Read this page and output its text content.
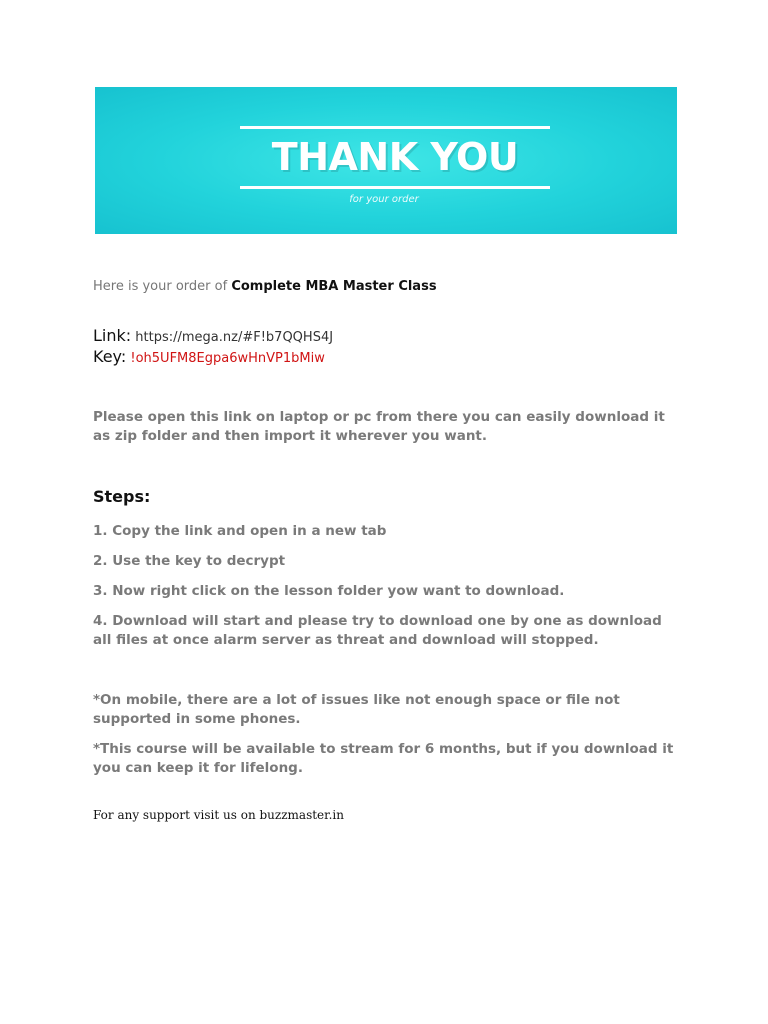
THANK YOU
for your order
Here is your order of Complete MBA Master Class
Link: https://mega.nz/#F!b7QQHS4J
Key: !oh5UFM8Egpa6wHnVP1bMiw
Please open this link on laptop or pc from there you can easily download it as zip folder and then import it wherever you want.
Steps:
1. Copy the link and open in a new tab
2. Use the key to decrypt
3. Now right click on the lesson folder yow want to download.
4. Download will start and please try to download one by one as download all files at once alarm server as threat and download will stopped.
*On mobile, there are a lot of issues like not enough space or file not supported in some phones.
*This course will be available to stream for 6 months, but if you download it you can keep it for lifelong.
For any support visit us on buzzmaster.in
